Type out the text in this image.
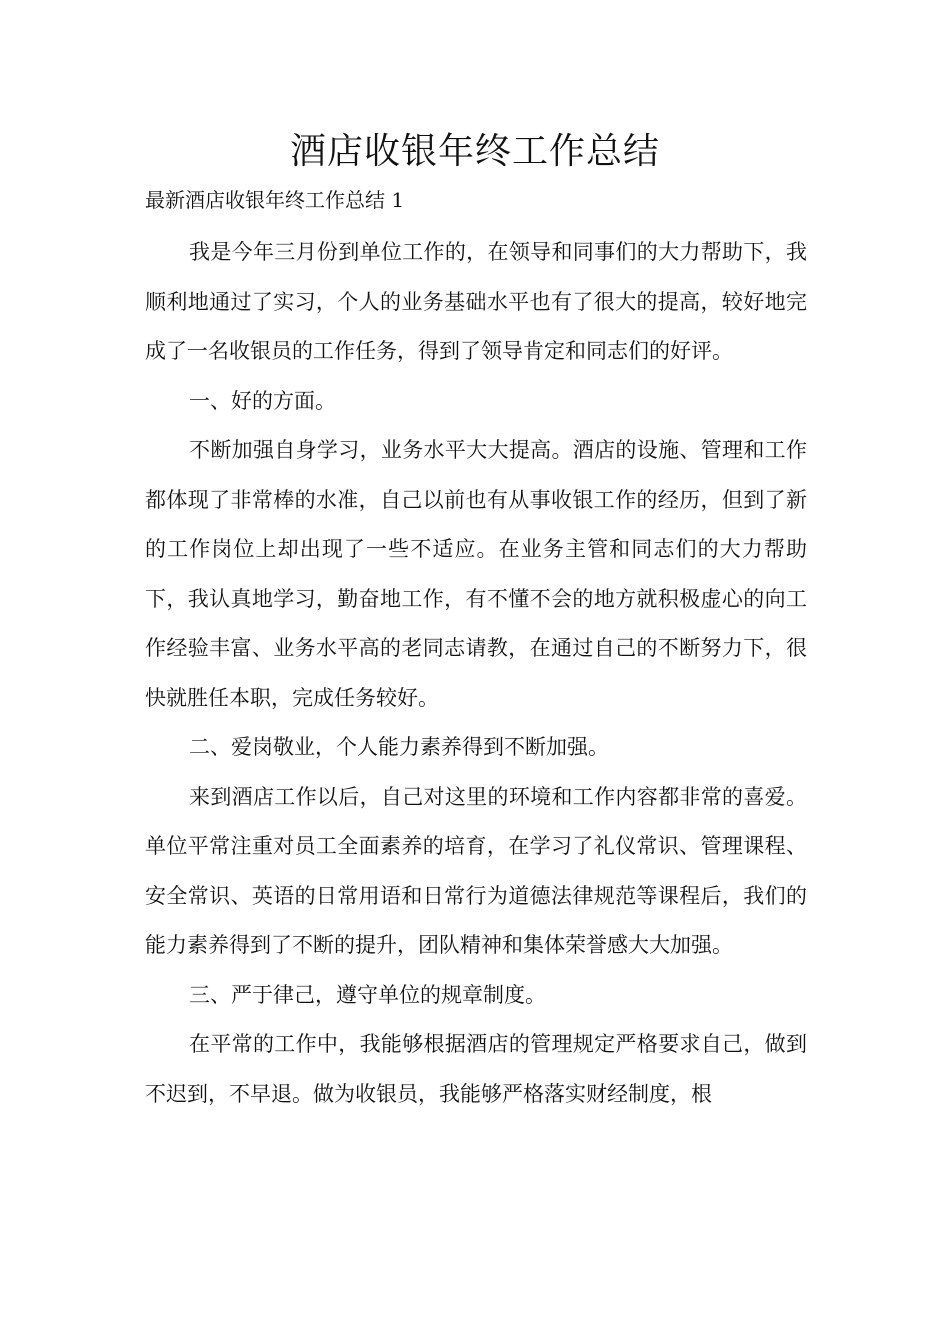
酒店收银年终工作总结

最新酒店收银年终工作总结 1

我是今年三月份到单位工作的，在领导和同事们的大力帮助下，我顺利地通过了实习，个人的业务基础水平也有了很大的提高，较好地完成了一名收银员的工作任务，得到了领导肯定和同志们的好评。

一、好的方面。

不断加强自身学习，业务水平大大提高。酒店的设施、管理和工作都体现了非常棒的水准，自己以前也有从事收银工作的经历，但到了新的工作岗位上却出现了一些不适应。在业务主管和同志们的大力帮助下，我认真地学习，勤奋地工作，有不懂不会的地方就积极虚心的向工作经验丰富、业务水平高的老同志请教，在通过自己的不断努力下，很快就胜任本职，完成任务较好。

二、爱岗敬业，个人能力素养得到不断加强。

来到酒店工作以后，自己对这里的环境和工作内容都非常的喜爱。单位平常注重对员工全面素养的培育，在学习了礼仪常识、管理课程、安全常识、英语的日常用语和日常行为道德法律规范等课程后，我们的能力素养得到了不断的提升，团队精神和集体荣誉感大大加强。

三、严于律己，遵守单位的规章制度。

在平常的工作中，我能够根据酒店的管理规定严格要求自己，做到不迟到，不早退。做为收银员，我能够严格落实财经制度，根
